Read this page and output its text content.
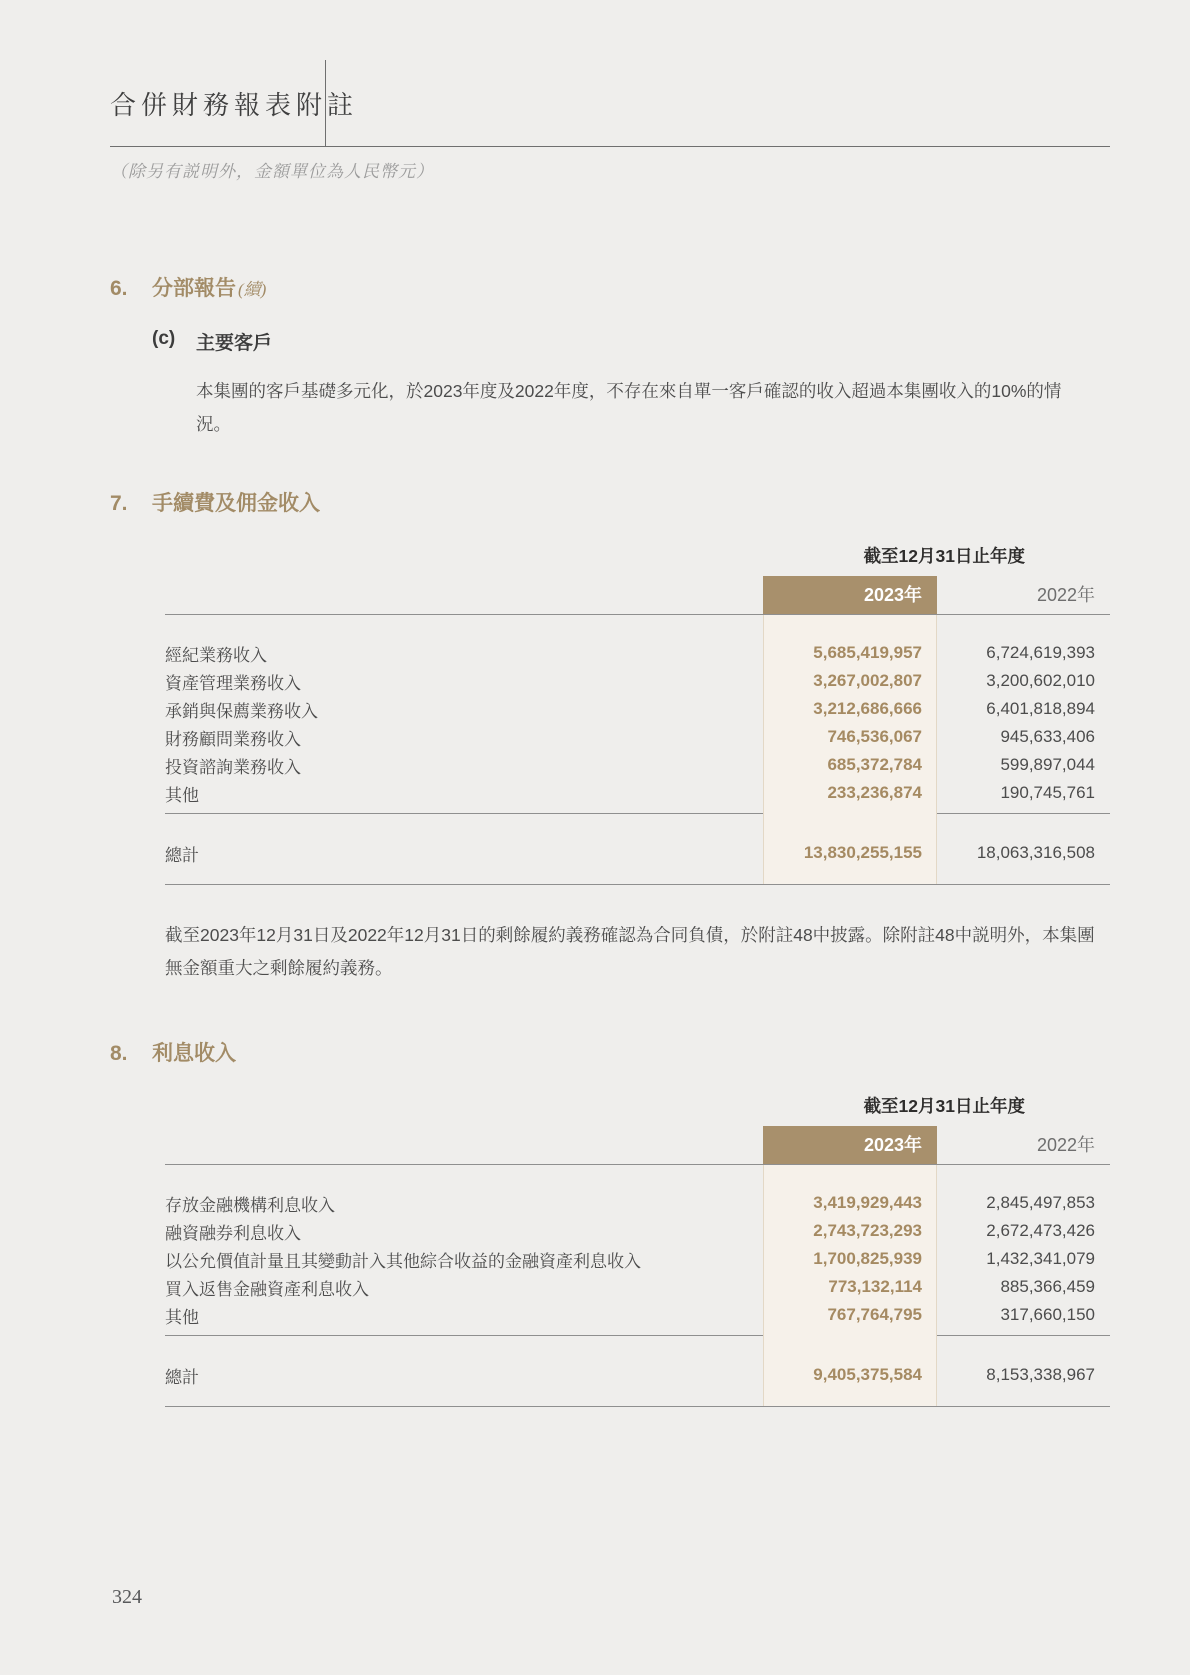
合併財務報表附註
（除另有説明外，金額單位為人民幣元）
6.	分部報告 (續)
(c)	主要客戶
本集團的客戶基礎多元化，於2023年度及2022年度，不存在來自單一客戶確認的收入超過本集團收入的10%的情況。
7.	手續費及佣金收入
截至12月31日止年度
2023年	2022年
經紀業務收入	5,685,419,957	6,724,619,393
資產管理業務收入	3,267,002,807	3,200,602,010
承銷與保薦業務收入	3,212,686,666	6,401,818,894
財務顧問業務收入	746,536,067	945,633,406
投資諮詢業務收入	685,372,784	599,897,044
其他	233,236,874	190,745,761
總計	13,830,255,155	18,063,316,508
截至2023年12月31日及2022年12月31日的剩餘履約義務確認為合同負債，於附註48中披露。除附註48中説明外，本集團無金額重大之剩餘履約義務。
8.	利息收入
截至12月31日止年度
2023年	2022年
存放金融機構利息收入	3,419,929,443	2,845,497,853
融資融券利息收入	2,743,723,293	2,672,473,426
以公允價值計量且其變動計入其他綜合收益的金融資產利息收入	1,700,825,939	1,432,341,079
買入返售金融資產利息收入	773,132,114	885,366,459
其他	767,764,795	317,660,150
總計	9,405,375,584	8,153,338,967
324
